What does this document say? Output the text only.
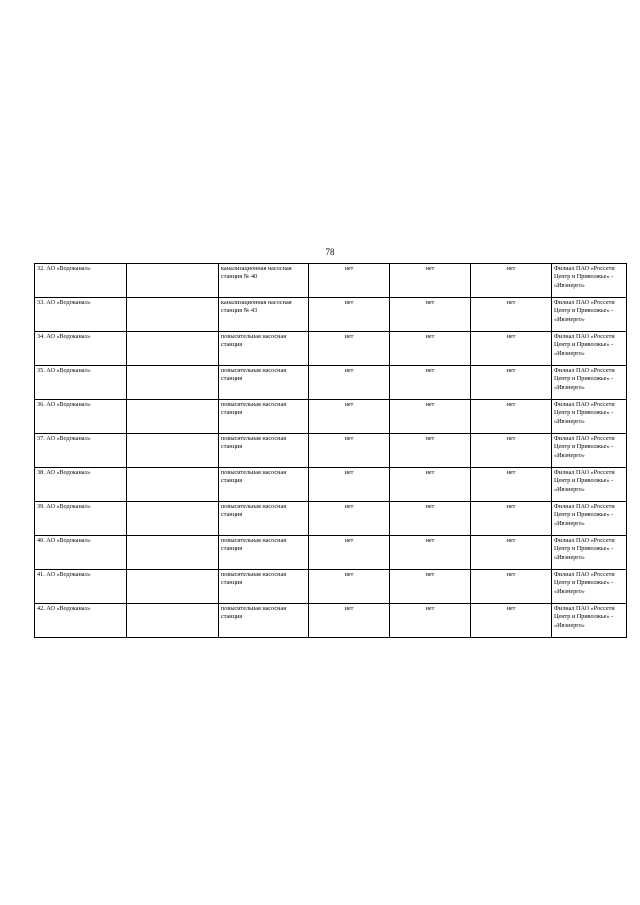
78
32. АО «Водоканал»		канализационная насосная станция № 40	нет	нет	нет	Филиал ПАО «Россети Центр и Приволжье» - «Ивэнерго»
33. АО «Водоканал»		канализационная насосная станция № 43	нет	нет	нет	Филиал ПАО «Россети Центр и Приволжье» - «Ивэнерго»
34. АО «Водоканал»		повысительная насосная станция	нет	нет	нет	Филиал ПАО «Россети Центр и Приволжье» - «Ивэнерго»
35. АО «Водоканал»		повысительная насосная станция	нет	нет	нет	Филиал ПАО «Россети Центр и Приволжье» - «Ивэнерго»
36. АО «Водоканал»		повысительная насосная станция	нет	нет	нет	Филиал ПАО «Россети Центр и Приволжье» - «Ивэнерго»
37. АО «Водоканал»		повысительная насосная станция	нет	нет	нет	Филиал ПАО «Россети Центр и Приволжье» - «Ивэнерго»
38. АО «Водоканал»		повысительная насосная станция	нет	нет	нет	Филиал ПАО «Россети Центр и Приволжье» - «Ивэнерго»
39. АО «Водоканал»		повысительная насосная станция	нет	нет	нет	Филиал ПАО «Россети Центр и Приволжье» - «Ивэнерго»
40. АО «Водоканал»		повысительная насосная станция	нет	нет	нет	Филиал ПАО «Россети Центр и Приволжье» - «Ивэнерго»
41. АО «Водоканал»		повысительная насосная станция	нет	нет	нет	Филиал ПАО «Россети Центр и Приволжье» - «Ивэнерго»
42. АО «Водоканал»		повысительная насосная станция	нет	нет	нет	Филиал ПАО «Россети Центр и Приволжье» - «Ивэнерго»
